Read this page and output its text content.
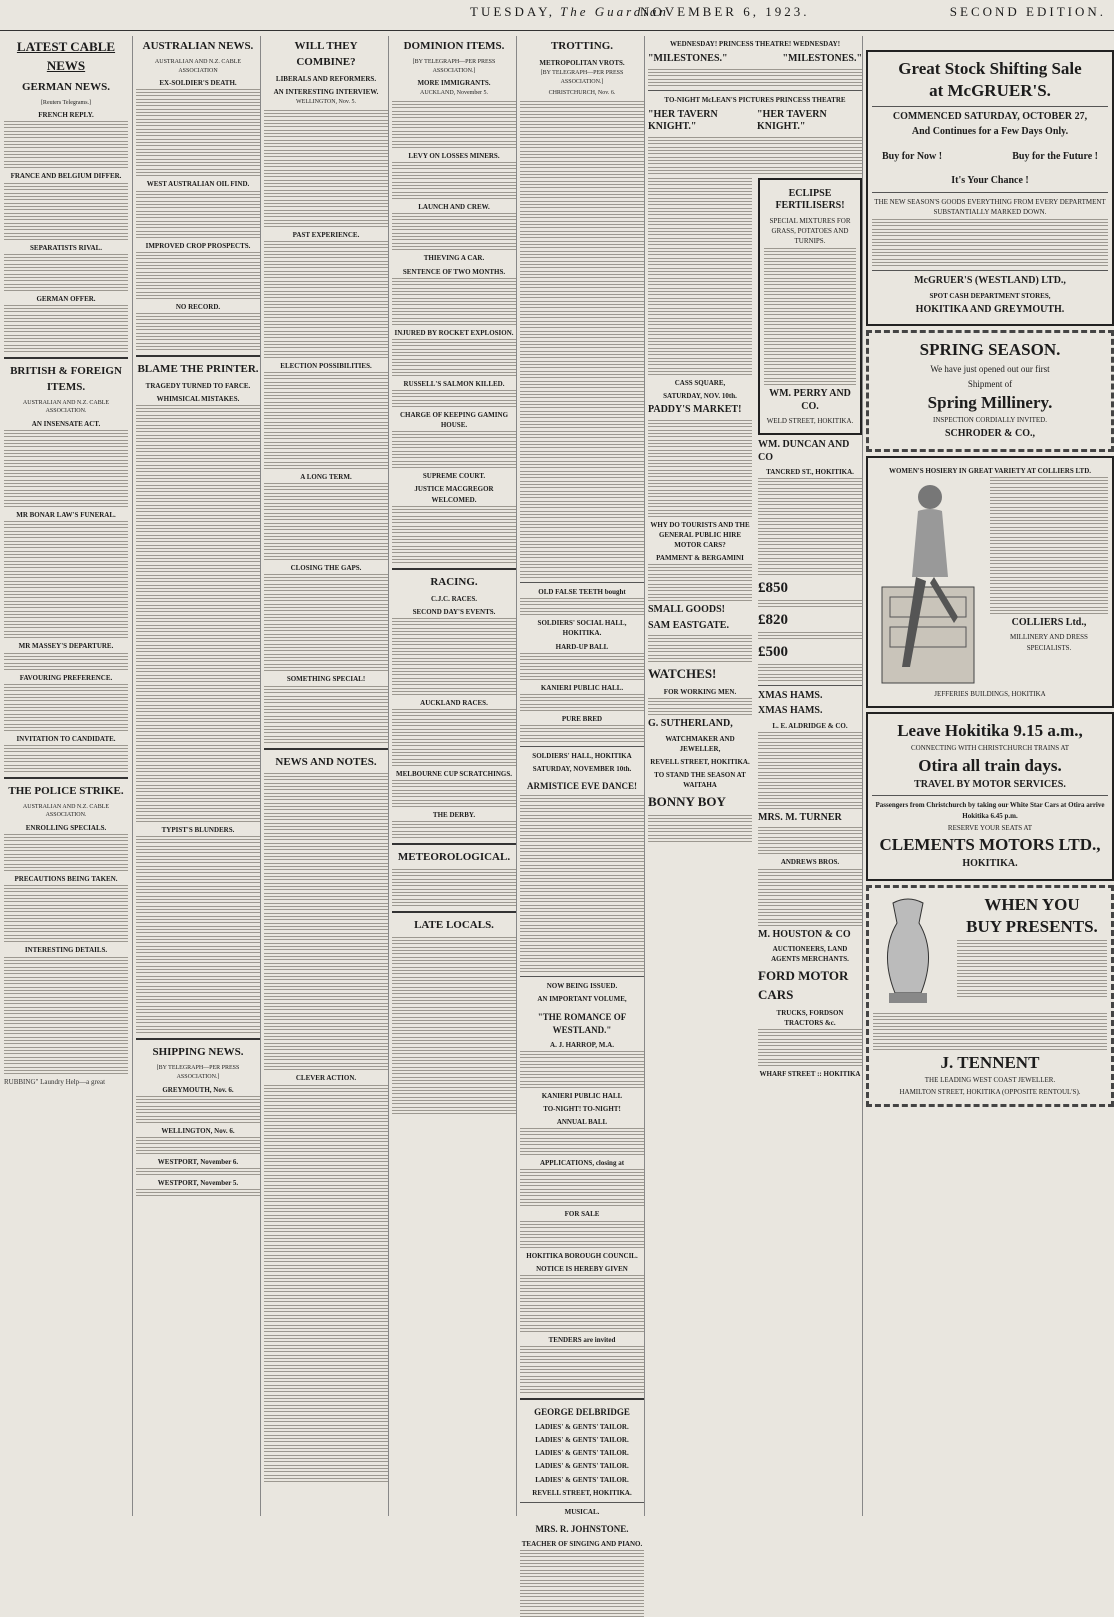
TUESDAY, The Guardian
NOVEMBER 6, 1923.	SECOND EDITION.
LATEST CABLE NEWS
GERMAN NEWS.
[Reuters Telegrams.]
FRENCH REPLY.
FRANCE AND BELGIUM DIFFER.
SEPARATISTS RIVAL.
GERMAN OFFER.
BRITISH & FOREIGN ITEMS.
AUSTRALIAN AND N.Z. CABLE ASSOCIATION.
AN INSENSATE ACT.
MR BONAR LAW'S FUNERAL.
MR MASSEY'S DEPARTURE.
FAVOURING PREFERENCE.
INVITATION TO CANDIDATE.
THE POLICE STRIKE.
AUSTRALIAN AND N.Z. CABLE ASSOCIATION.
ENROLLING SPECIALS.
PRECAUTIONS BEING TAKEN.
INTERESTING DETAILS.

RUBBING" Laundry Help—a great

AUSTRALIAN NEWS.
AUSTRALIAN AND N.Z. CABLE ASSOCIATION
EX-SOLDIER'S DEATH.
WEST AUSTRALIAN OIL FIND.
IMPROVED CROP PROSPECTS.
NO RECORD.
BLAME THE PRINTER.
TRAGEDY TURNED TO FARCE.
WHIMSICAL MISTAKES.
TYPIST'S BLUNDERS.
SHIPPING NEWS.
[BY TELEGRAPH—PER PRESS ASSOCIATION.]
GREYMOUTH, Nov. 6.
WELLINGTON, Nov. 6.
WESTPORT, November 6.
WESTPORT, November 5.
WILL THEY COMBINE?
LIBERALS AND REFORMERS.
AN INTERESTING INTERVIEW.
WELLINGTON, Nov. 5.
PAST EXPERIENCE.
ELECTION POSSIBILITIES.
A LONG TERM.
CLOSING THE GAPS.
SOMETHING SPECIAL!
NEWS AND NOTES.
CLEVER ACTION.
DOMINION ITEMS.
[BY TELEGRAPH—PER PRESS ASSOCIATION.]
MORE IMMIGRANTS.
AUCKLAND, November 5.
LEVY ON LOSSES MINERS.
LAUNCH AND CREW.
THIEVING A CAR.
SENTENCE OF TWO MONTHS.
INJURED BY ROCKET EXPLOSION.
RUSSELL'S SALMON KILLED.
CHARGE OF KEEPING GAMING HOUSE.
SUPREME COURT.
JUSTICE MACGREGOR WELCOMED.
RACING.
C.J.C. RACES.
SECOND DAY'S EVENTS.
AUCKLAND RACES.
MELBOURNE CUP SCRATCHINGS.
THE DERBY.
METEOROLOGICAL.
LATE LOCALS.
TROTTING.
METROPOLITAN VROTS.
[BY TELEGRAPH—PER PRESS ASSOCIATION.]
CHRISTCHURCH, Nov. 6.
OLD FALSE TEETH bought
SOLDIERS' SOCIAL HALL, HOKITIKA.
HARD-UP BALL
KANIERI PUBLIC HALL.
PURE BRED
SOLDIERS' HALL, HOKITIKA
SATURDAY, NOVEMBER 10th.
ARMISTICE EVE DANCE!
NOW BEING ISSUED.
AN IMPORTANT VOLUME,
"THE ROMANCE OF WESTLAND."
A. J. HARROP, M.A.
KANIERI PUBLIC HALL
TO-NIGHT! TO-NIGHT!
ANNUAL BALL
APPLICATIONS, closing at
FOR SALE
HOKITIKA BOROUGH COUNCIL.
NOTICE IS HEREBY GIVEN
TENDERS are invited
GEORGE DELBRIDGE
LADIES' & GENTS' TAILOR.
LADIES' & GENTS' TAILOR.
LADIES' & GENTS' TAILOR.
LADIES' & GENTS' TAILOR.
LADIES' & GENTS' TAILOR.
REVELL STREET, HOKITIKA.
MUSICAL.
MRS. R. JOHNSTONE.
TEACHER OF SINGING AND PIANO.
WEDNESDAY! PRINCESS THEATRE! WEDNESDAY!
"MILESTONES."	"MILESTONES."
TO-NIGHT McLEAN'S PICTURES PRINCESS THEATRE
"HER TAVERN KNIGHT."
"HER TAVERN KNIGHT."
CASS SQUARE,
SATURDAY, NOV. 10th.
PADDY'S MARKET!
WHY DO TOURISTS AND THE GENERAL PUBLIC HIRE MOTOR CARS?
PAMMENT & BERGAMINI
SMALL GOODS!
SAM EASTGATE.
WATCHES!
FOR WORKING MEN.
G. SUTHERLAND,
WATCHMAKER AND JEWELLER,
REVELL STREET, HOKITIKA.
TO STAND THE SEASON AT WAITAHA
BONNY BOY
ECLIPSE FERTILISERS!
SPECIAL MIXTURES FOR GRASS, POTATOES AND TURNIPS.
WM. PERRY AND CO.
WELD STREET, HOKITIKA.
WM. DUNCAN AND CO
TANCRED ST., HOKITIKA.
£850
£820
£500
XMAS HAMS.
XMAS HAMS.
L. E. ALDRIDGE & CO.
MRS. M. TURNER
ANDREWS BROS.
M. HOUSTON & CO
AUCTIONEERS, LAND AGENTS MERCHANTS.
FORD MOTOR CARS
TRUCKS, FORDSON TRACTORS &c.
WHARF STREET :: HOKITIKA
Great Stock Shifting Sale
at McGRUER'S.
COMMENCED SATURDAY, OCTOBER 27,
And Continues for a Few Days Only.
Buy for Now !	Buy for the Future !
It's Your Chance !
THE NEW SEASON'S GOODS EVERYTHING FROM EVERY DEPARTMENT SUBSTANTIALLY MARKED DOWN.
McGRUER'S (WESTLAND) LTD.,
SPOT CASH DEPARTMENT STORES,
HOKITIKA AND GREYMOUTH.
SPRING SEASON.
We have just opened out our first
Shipment of
Spring Millinery.
INSPECTION CORDIALLY INVITED.
SCHRODER & CO.,
WOMEN'S HOSIERY IN GREAT VARIETY AT COLLIERS LTD.
COLLIERS Ltd.,
MILLINERY AND DRESS SPECIALISTS.
JEFFERIES BUILDINGS, HOKITIKA
Leave Hokitika 9.15 a.m.,
CONNECTING WITH CHRISTCHURCH TRAINS AT
Otira all train days.
TRAVEL BY MOTOR SERVICES.
Passengers from Christchurch by taking our White Star Cars at Otira arrive Hokitika 6.45 p.m.
RESERVE YOUR SEATS AT
CLEMENTS MOTORS LTD.,
HOKITIKA.
WHEN YOU
BUY PRESENTS.
J. TENNENT
THE LEADING WEST COAST JEWELLER.
HAMILTON STREET, HOKITIKA (OPPOSITE RENTOUL'S).
